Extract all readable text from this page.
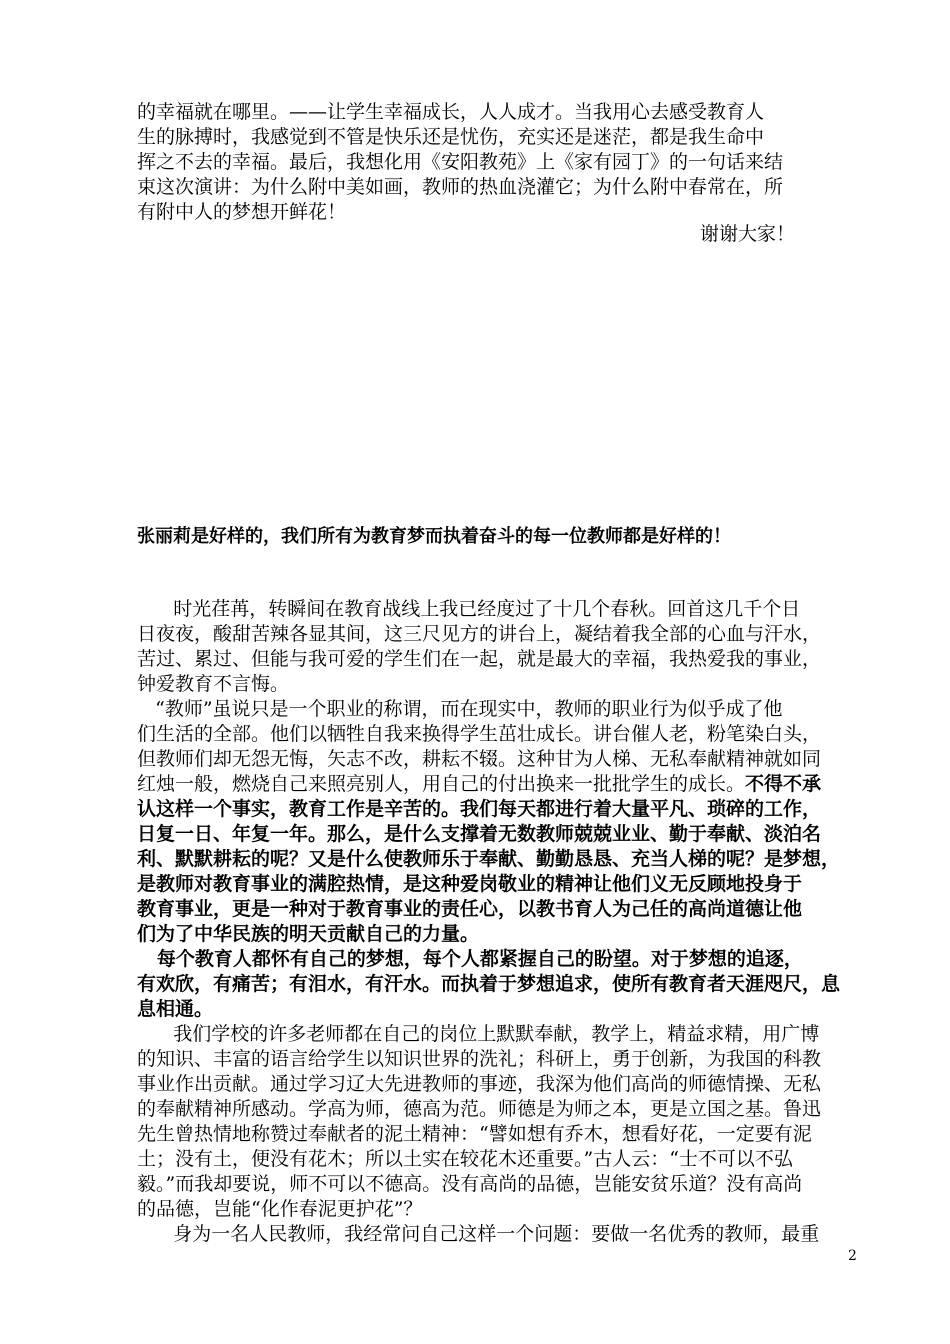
的幸福就在哪里。——让学生幸福成长，人人成才。当我用心去感受教育人
生的脉搏时，我感觉到不管是快乐还是忧伤，充实还是迷茫，都是我生命中
挥之不去的幸福。最后，我想化用《安阳教苑》上《家有园丁》的一句话来结
束这次演讲：为什么附中美如画，教师的热血浇灌它；为什么附中春常在，所
有附中人的梦想开鲜花！
谢谢大家！
张丽莉是好样的，我们所有为教育梦而执着奋斗的每一位教师都是好样的！
时光荏苒，转瞬间在教育战线上我已经度过了十几个春秋。回首这几千个日
日夜夜，酸甜苦辣各显其间，这三尺见方的讲台上，凝结着我全部的心血与汗水，
苦过、累过、但能与我可爱的学生们在一起，就是最大的幸福，我热爱我的事业，
钟爱教育不言悔。
“教师”虽说只是一个职业的称谓，而在现实中，教师的职业行为似乎成了他
们生活的全部。他们以牺牲自我来换得学生茁壮成长。讲台催人老，粉笔染白头，
但教师们却无怨无悔，矢志不改，耕耘不辍。这种甘为人梯、无私奉献精神就如同
红烛一般，燃烧自己来照亮别人，用自己的付出换来一批批学生的成长。不得不承
认这样一个事实，教育工作是辛苦的。我们每天都进行着大量平凡、琐碎的工作，
日复一日、年复一年。那么，是什么支撑着无数教师兢兢业业、勤于奉献、淡泊名
利、默默耕耘的呢？又是什么使教师乐于奉献、勤勤恳恳、充当人梯的呢？是梦想，
是教师对教育事业的满腔热情，是这种爱岗敬业的精神让他们义无反顾地投身于
教育事业，更是一种对于教育事业的责任心，以教书育人为己任的高尚道德让他
们为了中华民族的明天贡献自己的力量。
每个教育人都怀有自己的梦想，每个人都紧握自己的盼望。对于梦想的追逐，
有欢欣，有痛苦；有泪水，有汗水。而执着于梦想追求，使所有教育者天涯咫尺，息
息相通。
我们学校的许多老师都在自己的岗位上默默奉献，教学上，精益求精，用广博
的知识、丰富的语言给学生以知识世界的洗礼；科研上，勇于创新，为我国的科教
事业作出贡献。通过学习辽大先进教师的事迹，我深为他们高尚的师德情操、无私
的奉献精神所感动。学高为师，德高为范。师德是为师之本，更是立国之基。鲁迅
先生曾热情地称赞过奉献者的泥土精神：“譬如想有乔木，想看好花，一定要有泥
土；没有土，便没有花木；所以土实在较花木还重要。”古人云：“士不可以不弘
毅。”而我却要说，师不可以不德高。没有高尚的品德，岂能安贫乐道？没有高尚
的品德，岂能“化作春泥更护花”？
身为一名人民教师，我经常问自己这样一个问题：要做一名优秀的教师，最重
2
